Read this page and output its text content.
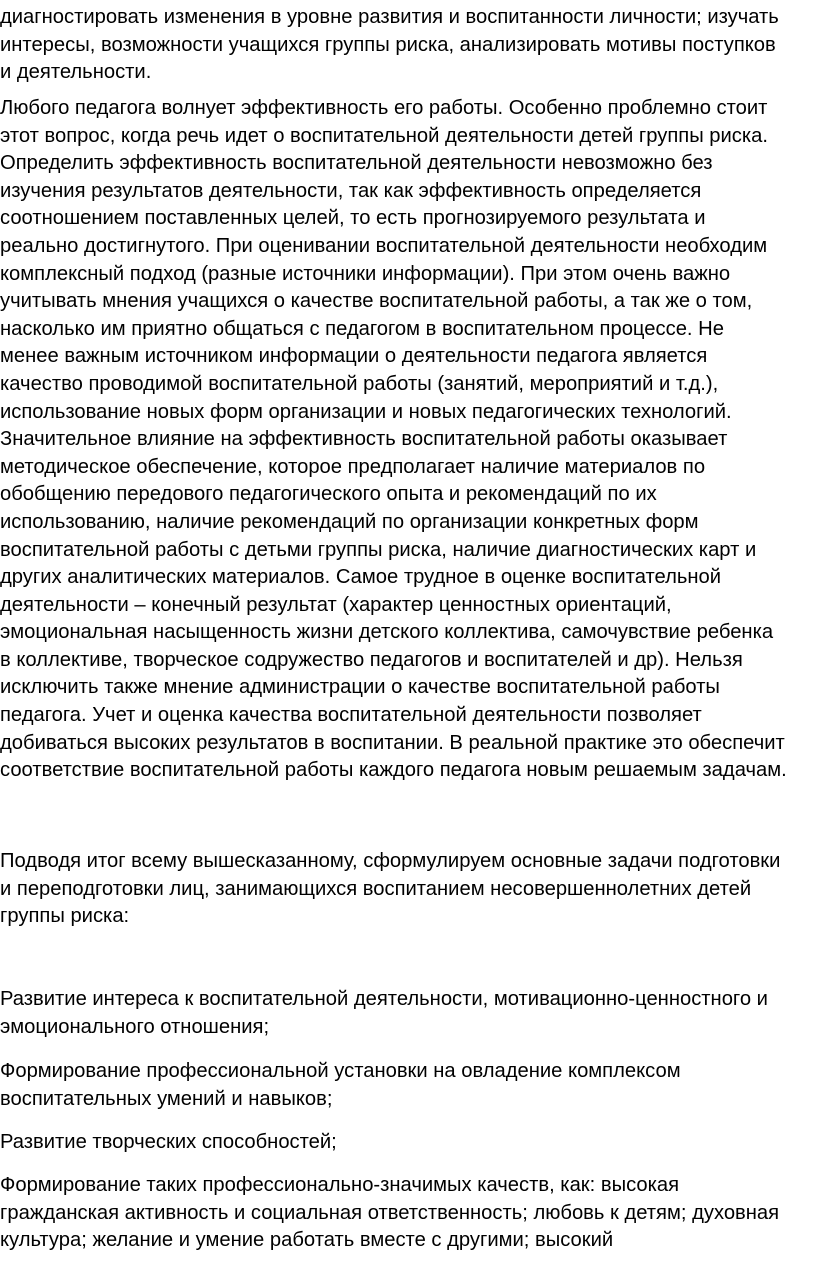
диагностировать изменения в уровне развития и воспитанности личности; изучать
интересы, возможности учащихся группы риска, анализировать мотивы поступков
и деятельности.
Любого педагога волнует эффективность его работы. Особенно проблемно стоит
этот вопрос, когда речь идет о воспитательной деятельности детей группы риска.
Определить эффективность воспитательной деятельности невозможно без
изучения результатов деятельности, так как эффективность определяется
соотношением поставленных целей, то есть прогнозируемого результата и
реально достигнутого. При оценивании воспитательной деятельности необходим
комплексный подход (разные источники информации). При этом очень важно
учитывать мнения учащихся о качестве воспитательной работы, а так же о том,
насколько им приятно общаться с педагогом в воспитательном процессе. Не
менее важным источником информации о деятельности педагога является
качество проводимой воспитательной работы (занятий, мероприятий и т.д.),
использование новых форм организации и новых педагогических технологий.
Значительное влияние на эффективность воспитательной работы оказывает
методическое обеспечение, которое предполагает наличие материалов по
обобщению передового педагогического опыта и рекомендаций по их
использованию, наличие рекомендаций по организации конкретных форм
воспитательной работы с детьми группы риска, наличие диагностических карт и
других аналитических материалов. Самое трудное в оценке воспитательной
деятельности – конечный результат (характер ценностных ориентаций,
эмоциональная насыщенность жизни детского коллектива, самочувствие ребенка
в коллективе, творческое содружество педагогов и воспитателей и др). Нельзя
исключить также мнение администрации о качестве воспитательной работы
педагога. Учет и оценка качества воспитательной деятельности позволяет
добиваться высоких результатов в воспитании. В реальной практике это обеспечит
соответствие воспитательной работы каждого педагога новым решаемым задачам.
Подводя итог всему вышесказанному, сформулируем основные задачи подготовки
и переподготовки лиц, занимающихся воспитанием несовершеннолетних детей
группы риска:
Развитие интереса к воспитательной деятельности, мотивационно-ценностного и
эмоционального отношения;
Формирование профессиональной установки на овладение комплексом
воспитательных умений и навыков;
Развитие творческих способностей;
Формирование таких профессионально-значимых качеств, как: высокая
гражданская активность и социальная ответственность; любовь к детям; духовная
культура; желание и умение работать вместе с другими; высокий
